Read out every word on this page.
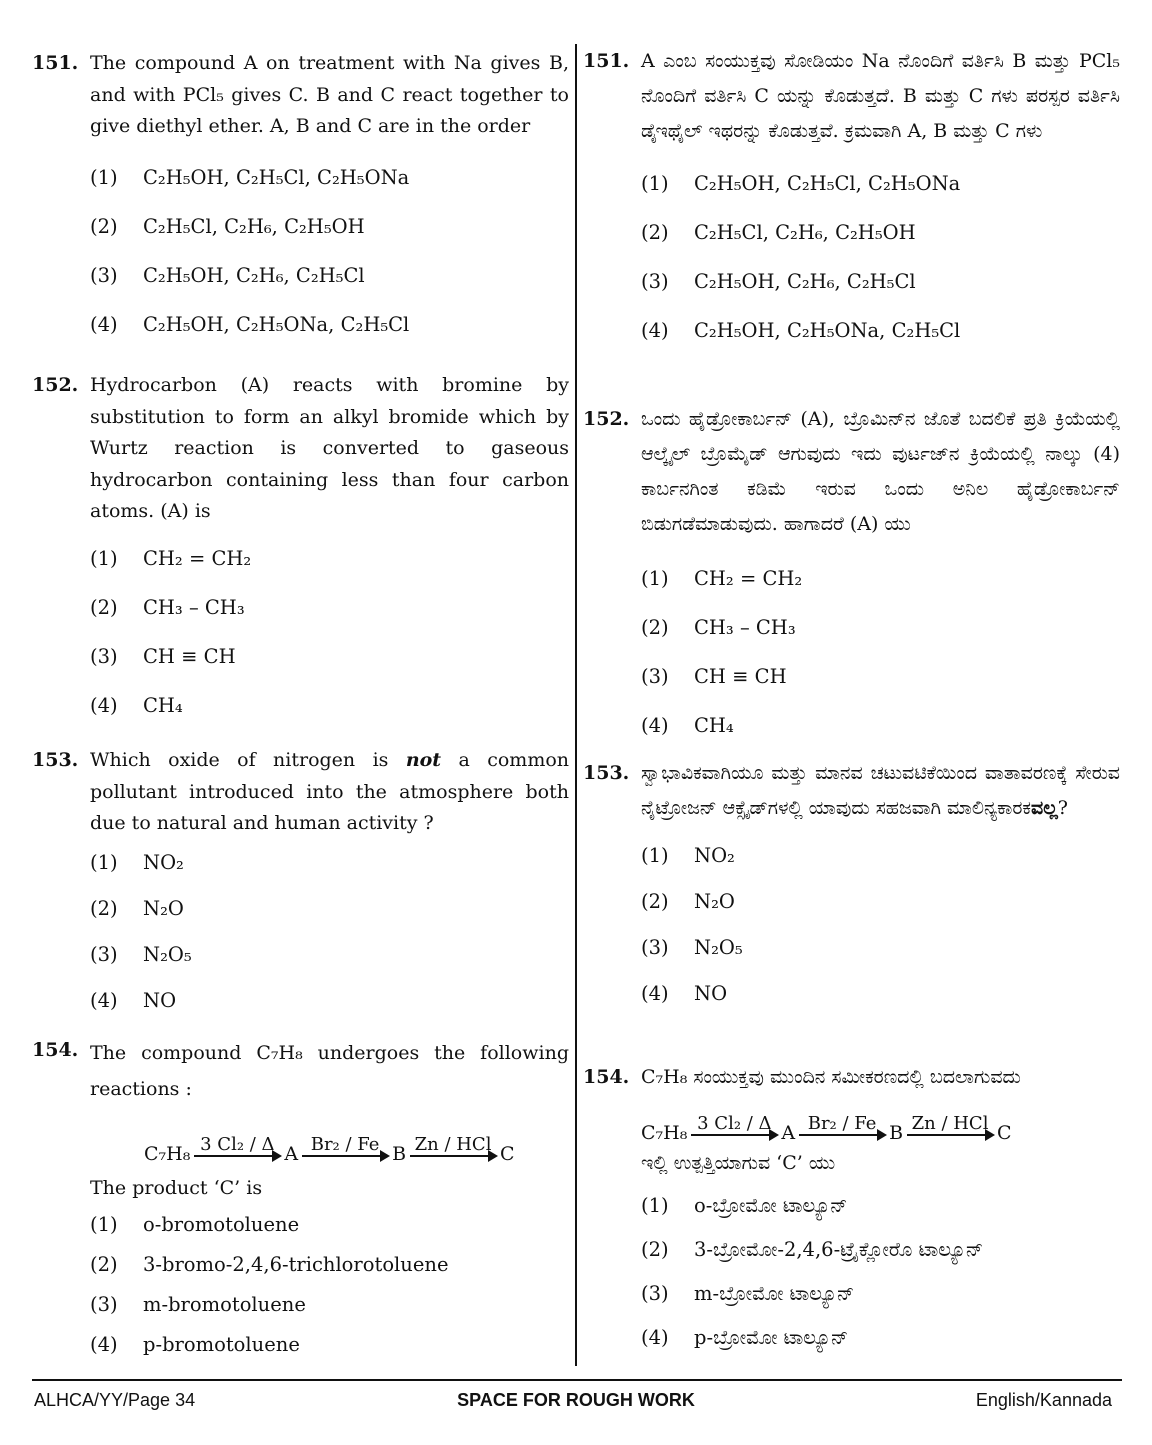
151. The compound A on treatment with Na gives B, and with PCl₅ gives C. B and C react together to give diethyl ether. A, B and C are in the order
(1)	C₂H₅OH, C₂H₅Cl, C₂H₅ONa
(2)	C₂H₅Cl, C₂H₆, C₂H₅OH
(3)	C₂H₅OH, C₂H₆, C₂H₅Cl
(4)	C₂H₅OH, C₂H₅ONa, C₂H₅Cl
152. Hydrocarbon (A) reacts with bromine by substitution to form an alkyl bromide which by Wurtz reaction is converted to gaseous hydrocarbon containing less than four carbon atoms. (A) is
(1)	CH₂ = CH₂
(2)	CH₃ – CH₃
(3)	CH ≡ CH
(4)	CH₄
153. Which oxide of nitrogen is not a common pollutant introduced into the atmosphere both due to natural and human activity ?
(1)	NO₂
(2)	N₂O
(3)	N₂O₅
(4)	NO
154. The compound C₇H₈ undergoes the following reactions :
C₇H₈ 3 Cl₂ / Δ A Br₂ / Fe B Zn / HCl C
The product ‘C’ is
(1)	o-bromotoluene
(2)	3-bromo-2,4,6-trichlorotoluene
(3)	m-bromotoluene
(4)	p-bromotoluene
151. A ಎಂಬ ಸಂಯುಕ್ತವು ಸೋಡಿಯಂ Na ನೊಂದಿಗೆ ವರ್ತಿಸಿ B ಮತ್ತು PCl₅ ನೊಂದಿಗೆ ವರ್ತಿಸಿ C ಯನ್ನು ಕೊಡುತ್ತದೆ. B ಮತ್ತು C ಗಳು ಪರಸ್ಪರ ವರ್ತಿಸಿ ಡೈಇಥೈಲ್ ಇಥರನ್ನು ಕೊಡುತ್ತವೆ. ಕ್ರಮವಾಗಿ A, B ಮತ್ತು C ಗಳು
(1)	C₂H₅OH, C₂H₅Cl, C₂H₅ONa
(2)	C₂H₅Cl, C₂H₆, C₂H₅OH
(3)	C₂H₅OH, C₂H₆, C₂H₅Cl
(4)	C₂H₅OH, C₂H₅ONa, C₂H₅Cl
152. ಒಂದು ಹೈಡ್ರೋಕಾರ್ಬನ್ (A), ಬ್ರೊಮಿನ್‌ನ ಜೊತೆ ಬದಲಿಕೆ ಪ್ರತಿ ಕ್ರಿಯೆಯಲ್ಲಿ ಆಲ್ಕೈಲ್ ಬ್ರೊಮೈಡ್ ಆಗುವುದು ಇದು ವುರ್ಟಜ್‌ನ ಕ್ರಿಯೆಯಲ್ಲಿ ನಾಲ್ಕು (4) ಕಾರ್ಬನಗಿಂತ ಕಡಿಮೆ ಇರುವ ಒಂದು ಅನಿಲ ಹೈಡ್ರೋಕಾರ್ಬನ್ ಬಿಡುಗಡೆಮಾಡುವುದು. ಹಾಗಾದರೆ (A) ಯು
(1)	CH₂ = CH₂
(2)	CH₃ – CH₃
(3)	CH ≡ CH
(4)	CH₄
153. ಸ್ವಾಭಾವಿಕವಾಗಿಯೂ ಮತ್ತು ಮಾನವ ಚಟುವಟಿಕೆಯಿಂದ ವಾತಾವರಣಕ್ಕೆ ಸೇರುವ ನೈಟ್ರೋಜನ್ ಆಕ್ಸೈಡ್‌ಗಳಲ್ಲಿ ಯಾವುದು ಸಹಜವಾಗಿ ಮಾಲಿನ್ಯಕಾರಕವಲ್ಲ?
(1)	NO₂
(2)	N₂O
(3)	N₂O₅
(4)	NO
154. C₇H₈ ಸಂಯುಕ್ತವು ಮುಂದಿನ ಸಮೀಕರಣದಲ್ಲಿ ಬದಲಾಗುವದು
C₇H₈ 3 Cl₂ / Δ A Br₂ / Fe B Zn / HCl C
ಇಲ್ಲಿ ಉತ್ಪತ್ತಿಯಾಗುವ ‘C’ ಯು
(1)	o-ಬ್ರೋಮೋ ಟಾಲ್ಯೂನ್
(2)	3-ಬ್ರೋಮೋ-2,4,6-ಟ್ರೈಕ್ಲೋರೊ ಟಾಲ್ಯೂನ್
(3)	m-ಬ್ರೋಮೋ ಟಾಲ್ಯೂನ್
(4)	p-ಬ್ರೋಮೋ ಟಾಲ್ಯೂನ್
ALHCA/YY/Page 34	SPACE FOR ROUGH WORK	English/Kannada
